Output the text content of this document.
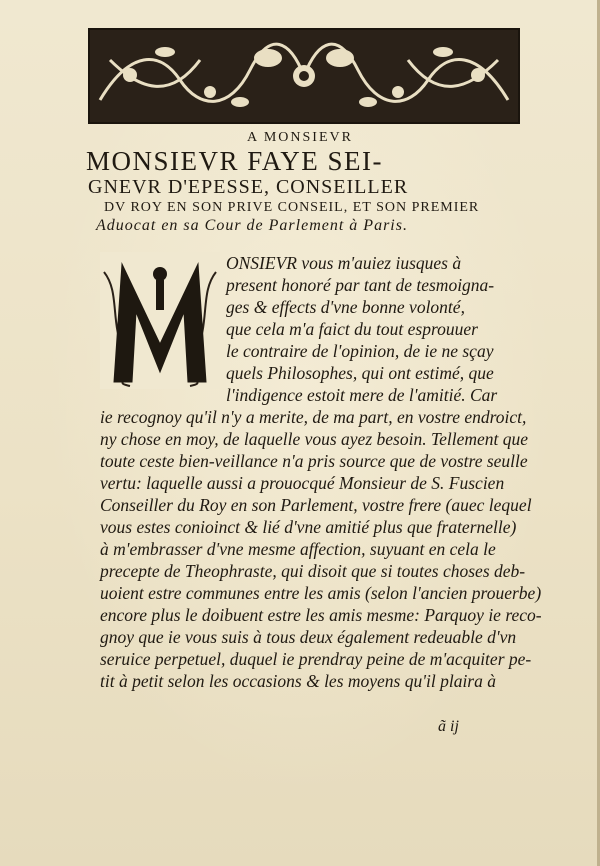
A MONSIEVR
MONSIEVR FAYE SEI-
GNEVR D'EPESSE, CONSEILLER
DV ROY EN SON PRIVE CONSEIL, ET SON PREMIER
Aduocat en sa Cour de Parlement à Paris.
ONSIEVR vous m'auiez iusques à
present honoré par tant de tesmoigna-
ges & effects d'vne bonne volonté,
que cela m'a faict du tout esprouuer
le contraire de l'opinion, de ie ne sçay
quels Philosophes, qui ont estimé, que
l'indigence estoit mere de l'amitié. Car
ie recognoy qu'il n'y a merite, de ma part, en vostre endroict,
ny chose en moy, de laquelle vous ayez besoin. Tellement que
toute ceste bien-veillance n'a pris source que de vostre seulle
vertu: laquelle aussi a prouocqué Monsieur de S. Fuscien
Conseiller du Roy en son Parlement, vostre frere (auec lequel
vous estes conioinct & lié d'vne amitié plus que fraternelle)
à m'embrasser d'vne mesme affection, suyuant en cela le
precepte de Theophraste, qui disoit que si toutes choses deb-
uoient estre communes entre les amis (selon l'ancien prouerbe)
encore plus le doibuent estre les amis mesme: Parquoy ie reco-
gnoy que ie vous suis à tous deux également redeuable d'vn
seruice perpetuel, duquel ie prendray peine de m'acquiter pe-
tit à petit selon les occasions & les moyens qu'il plaira à
ã ij
